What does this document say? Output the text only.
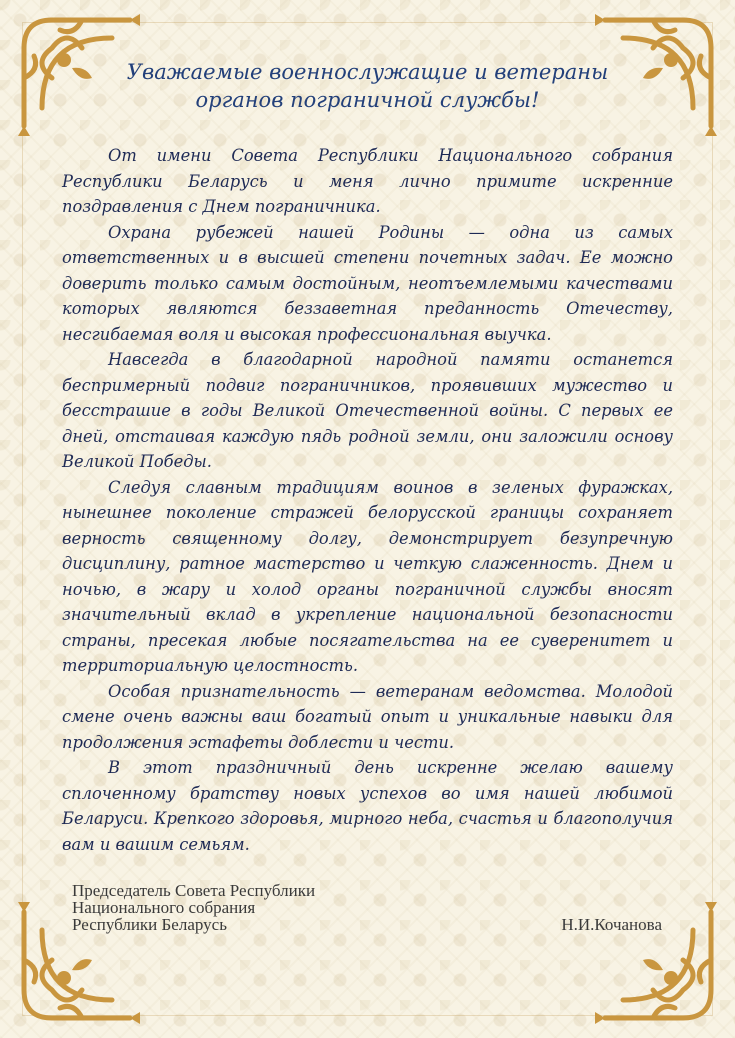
Уважаемые военнослужащие и ветераны
органов пограничной службы!

От имени Совета Республики Национального собрания Республики Беларусь и меня лично примите искренние поздравления с Днем пограничника.

Охрана рубежей нашей Родины — одна из самых ответственных и в высшей степени почетных задач. Ее можно доверить только самым достойным, неотъемлемыми качествами которых являются беззаветная преданность Отечеству, несгибаемая воля и высокая профессиональная выучка.

Навсегда в благодарной народной памяти останется беспримерный подвиг пограничников, проявивших мужество и бесстрашие в годы Великой Отечественной войны. С первых ее дней, отстаивая каждую пядь родной земли, они заложили основу Великой Победы.

Следуя славным традициям воинов в зеленых фуражках, нынешнее поколение стражей белорусской границы сохраняет верность священному долгу, демонстрирует безупречную дисциплину, ратное мастерство и четкую слаженность. Днем и ночью, в жару и холод органы пограничной службы вносят значительный вклад в укрепление национальной безопасности страны, пресекая любые посягательства на ее суверенитет и территориальную целостность.

Особая признательность — ветеранам ведомства. Молодой смене очень важны ваш богатый опыт и уникальные навыки для продолжения эстафеты доблести и чести.

В этот праздничный день искренне желаю вашему сплоченному братству новых успехов во имя нашей любимой Беларуси. Крепкого здоровья, мирного неба, счастья и благополучия вам и вашим семьям.

Председатель Совета Республики
Национального собрания
Республики Беларусь	Н.И.Кочанова
